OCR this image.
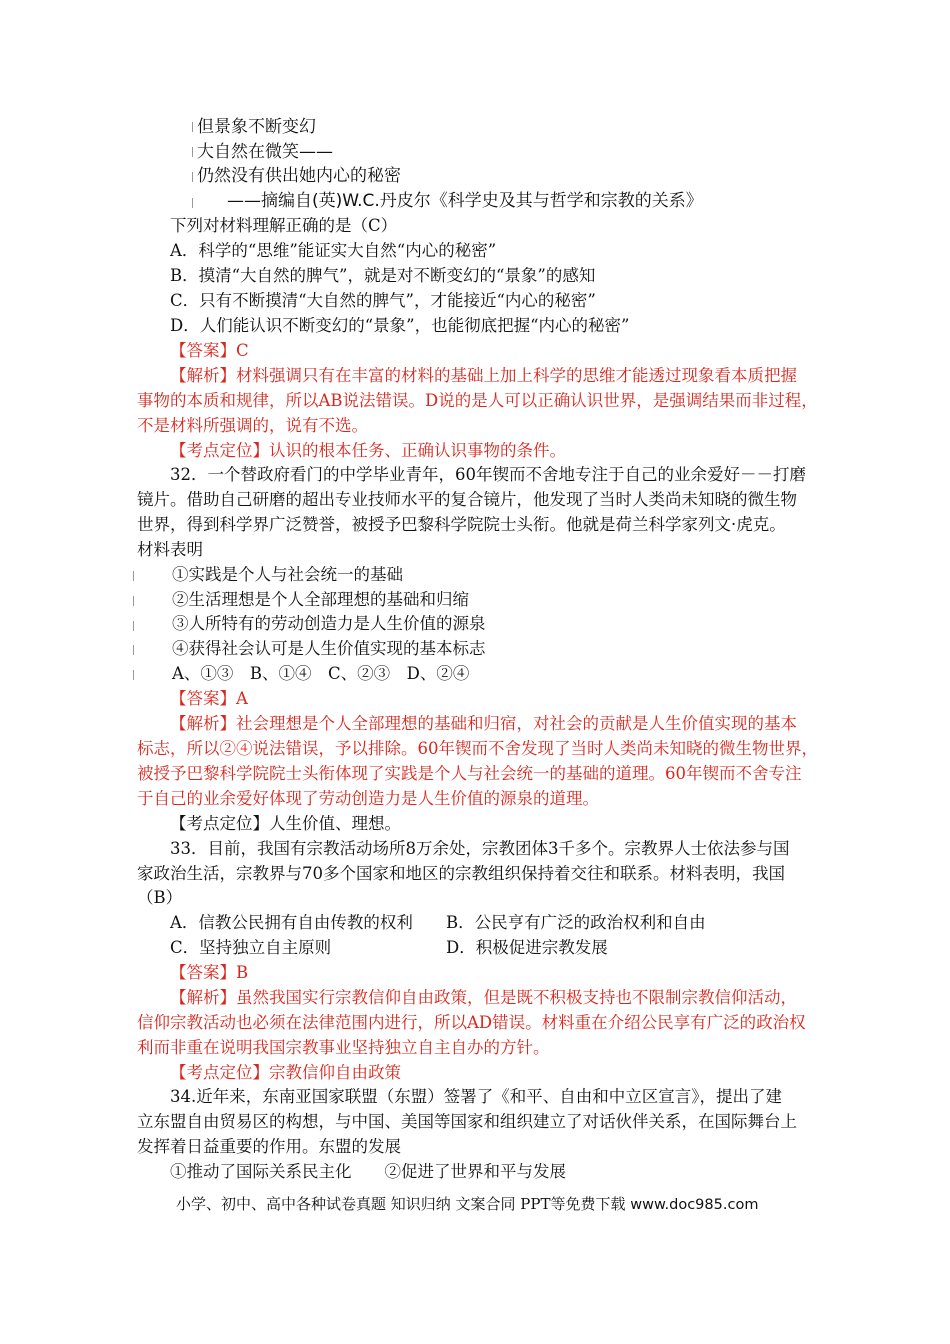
但景象不断变幻
大自然在微笑——
仍然没有供出她内心的秘密
——摘编自(英)W.C.丹皮尔《科学史及其与哲学和宗教的关系》
下列对材料理解正确的是（C）
A．科学的“思维”能证实大自然“内心的秘密”
B．摸清“大自然的脾气”，就是对不断变幻的“景象”的感知
C．只有不断摸清“大自然的脾气”，才能接近“内心的秘密”
D．人们能认识不断变幻的“景象”，也能彻底把握“内心的秘密”
【答案】C
【解析】材料强调只有在丰富的材料的基础上加上科学的思维才能透过现象看本质把握
事物的本质和规律，所以AB说法错误。D说的是人可以正确认识世界，是强调结果而非过程，
不是材料所强调的，说有不选。
【考点定位】认识的根本任务、正确认识事物的条件。
32．一个替政府看门的中学毕业青年，60年锲而不舍地专注于自己的业余爱好－－打磨
镜片。借助自己研磨的超出专业技师水平的复合镜片，他发现了当时人类尚未知晓的微生物
世界，得到科学界广泛赞誉，被授予巴黎科学院院士头衔。他就是荷兰科学家列文·虎克。
材料表明
①实践是个人与社会统一的基础
②生活理想是个人全部理想的基础和归缩
③人所特有的劳动创造力是人生价值的源泉
④获得社会认可是人生价值实现的基本标志
A、①③　B、①④　C、②③　D、②④
【答案】A
【解析】社会理想是个人全部理想的基础和归宿，对社会的贡献是人生价值实现的基本
标志，所以②④说法错误，予以排除。60年锲而不舍发现了当时人类尚未知晓的微生物世界，
被授予巴黎科学院院士头衔体现了实践是个人与社会统一的基础的道理。60年锲而不舍专注
于自己的业余爱好体现了劳动创造力是人生价值的源泉的道理。
【考点定位】人生价值、理想。
33．目前，我国有宗教活动场所8万余处，宗教团体3千多个。宗教界人士依法参与国
家政治生活，宗教界与70多个国家和地区的宗教组织保持着交往和联系。材料表明，我国
（B）
A．信教公民拥有自由传教的权利 B．公民亨有广泛的政治权利和自由
C．坚持独立自主原则	D．积极促进宗教发展
【答案】B
【解析】虽然我国实行宗教信仰自由政策，但是既不积极支持也不限制宗教信仰活动，
信仰宗教活动也必须在法律范围内进行，所以AD错误。材料重在介绍公民享有广泛的政治权
利而非重在说明我国宗教事业坚持独立自主自办的方针。
【考点定位】宗教信仰自由政策
34.近年来，东南亚国家联盟（东盟）签署了《和平、自由和中立区宣言》，提出了建
立东盟自由贸易区的构想，与中国、美国等国家和组织建立了对话伙伴关系，在国际舞台上
发挥着日益重要的作用。东盟的发展
①推动了国际关系民主化　　②促进了世界和平与发展
小学、初中、高中各种试卷真题 知识归纳 文案合同 PPT等免费下载 www.doc985.com
